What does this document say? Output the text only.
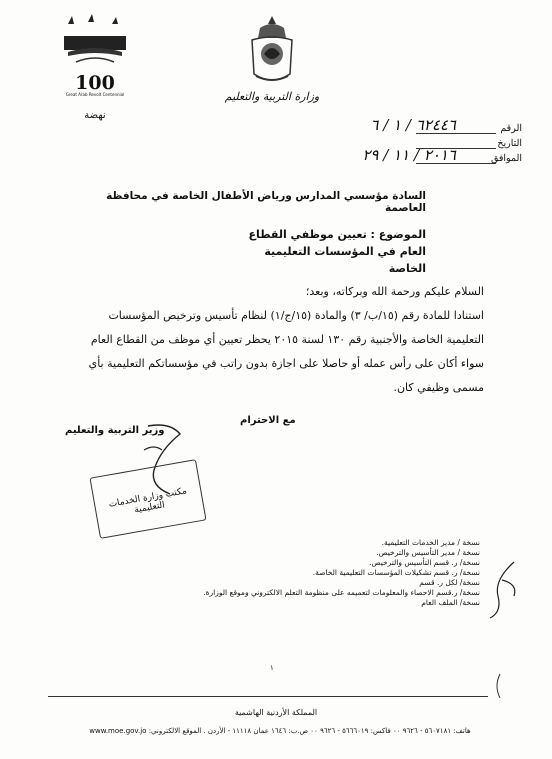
100
Great Arab Revolt Centennial
نهضة
وزارة التربية والتعليم
الرقم
٦٢٤٤٦ / ١ / ٦
التاريخ
الموافق
٢٠١٦ / ١١ / ٢٩
السادة مؤسسي المدارس ورياض الأطفال الخاصة في محافظة العاصمة
الموضوع : تعيين موظفي القطاع العام في المؤسسات التعليمية الخاصة
السلام عليكم ورحمة الله وبركاته، وبعد؛
استنادا للمادة رقم (١٥/ب/ ٣) والمادة (١٥/ج/١) لنظام تأسيس وترخيص المؤسسات التعليمية الخاصة والأجنبية رقم ١٣٠ لسنة ٢٠١٥ يحظر تعيين أي موظف من القطاع العام سواء أكان على رأس عمله أو حاصلا على اجازة بدون راتب في مؤسساتكم التعليمية بأي مسمى وظيفي كان.
مع الاحترام
وزير التربية والتعليم
مكتب وزارة الخدمات التعليمية
نسخة / مدير الخدمات التعليمية.
نسخة / مدير التأسيس والترخيص.
نسخة/ ر. قسم التأسيس والترخيص.
نسخة/ ر. قسم تشكيلات المؤسسات التعليمية الخاصة.
نسخة/ لكل ر. قسم
نسخة/ ر.قسم الاحصاء والمعلومات لتعميمه على منظومة التعلم الالكتروني وموقع الوزارة.
نسخة/ الملف العام
١
المملكة الأردنية الهاشمية
هاتف: ٥٦٠٧١٨١ - ٩٦٢٦ ٠٠ فاكس: ٥٦٦٦٠١٩ - ٩٦٢٦ ٠٠ ص.ب: ١٦٤٦ عمان ١١١١٨ - الأردن . الموقع الالكتروني: www.moe.gov.jo
